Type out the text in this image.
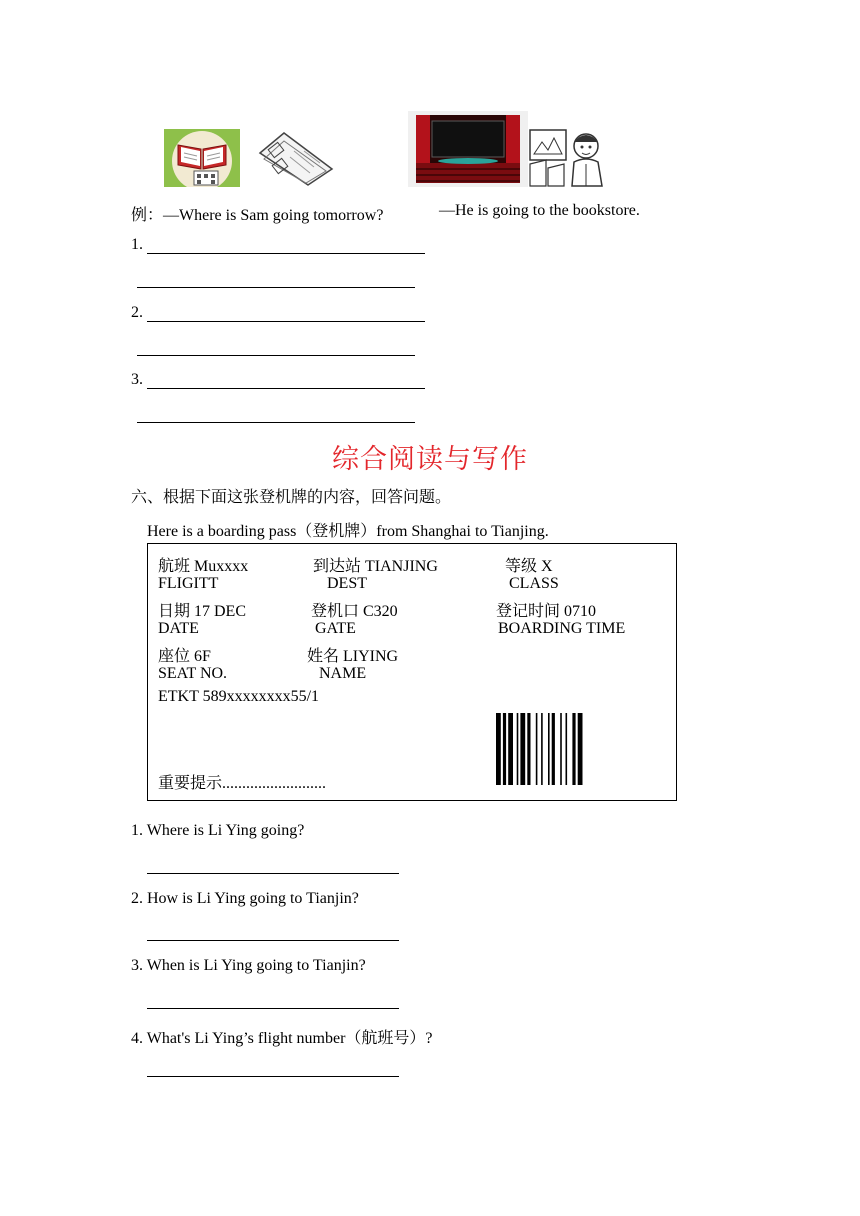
例：—Where is Sam going tomorrow?	—He is going to the bookstore.
1.
2.
3.
综合阅读与写作
六、根据下面这张登机牌的内容，回答问题。
Here is a boarding pass（登机牌）from Shanghai to Tianjing.
航班 Muxxxx	到达站 TIANJING	等级 X
FLIGITT	DEST	CLASS
日期 17 DEC	登机口 C320	登记时间 0710
DATE	GATE	BOARDING TIME
座位 6F	姓名 LIYING
SEAT NO.	NAME
ETKT 589xxxxxxxx55/1
重要提示..........................
1. Where is Li Ying going?
2. How is Li Ying going to Tianjin?
3. When is Li Ying going to Tianjin?
4. What's Li Ying’s flight number（航班号）?
